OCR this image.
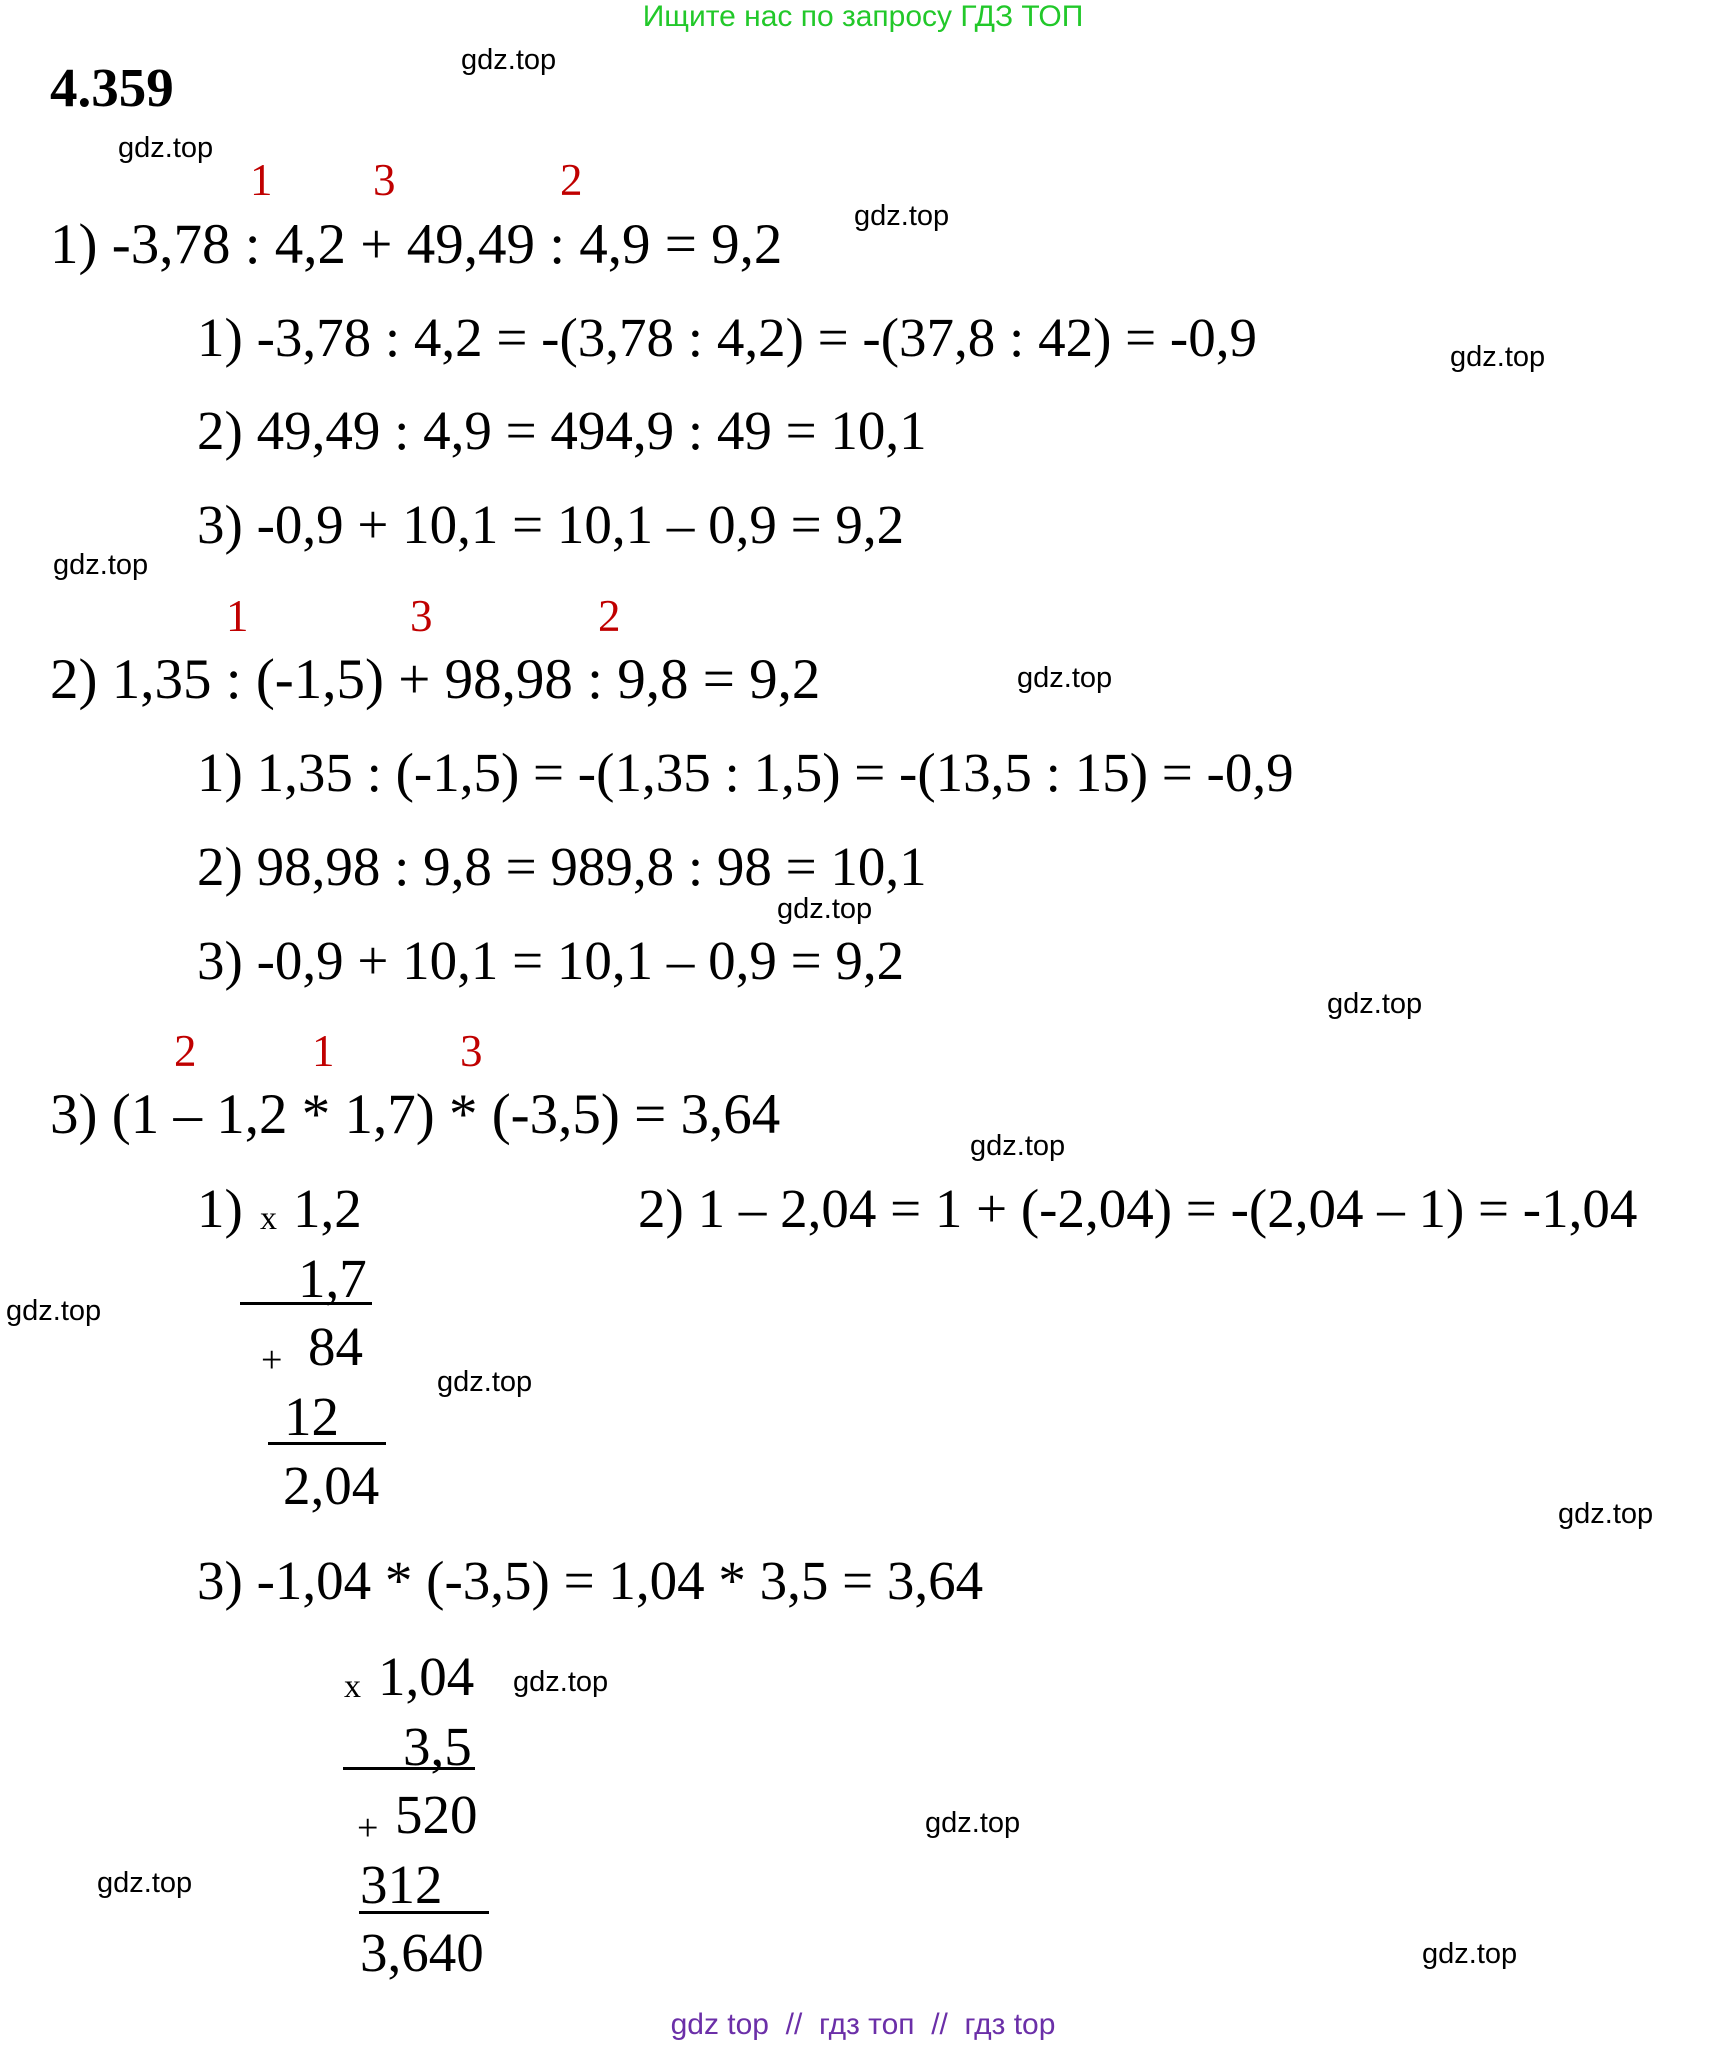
Ищите нас по запросу ГДЗ ТОП
4.359
1 3	2
1) -3,78 : 4,2 + 49,49 : 4,9 = 9,2
1) -3,78 : 4,2 = -(3,78 : 4,2) = -(37,8 : 42) = -0,9
2) 49,49 : 4,9 = 494,9 : 49 = 10,1
3) -0,9 + 10,1 = 10,1 – 0,9 = 9,2
1	3	2
2) 1,35 : (-1,5) + 98,98 : 9,8 = 9,2
1) 1,35 : (-1,5) = -(1,35 : 1,5) = -(13,5 : 15) = -0,9
2) 98,98 : 9,8 = 989,8 : 98 = 10,1
3) -0,9 + 10,1 = 10,1 – 0,9 = 9,2
2	1	3
3) (1 – 1,2 * 1,7) * (-3,5) = 3,64
1) x 1,2
1,7
+ 84
12
2,04
2) 1 – 2,04 = 1 + (-2,04) = -(2,04 – 1) = -1,04
3) -1,04 * (-3,5) = 1,04 * 3,5 = 3,64
x 1,04
3,5
+ 520
312
3,640
gdz.top
gdz.top
gdz.top
gdz.top
gdz.top
gdz.top
gdz.top
gdz.top
gdz.top
gdz.top
gdz.top
gdz.top
gdz.top
gdz.top
gdz.top
gdz.top
gdz top  //  гдз топ  //  гдз top
